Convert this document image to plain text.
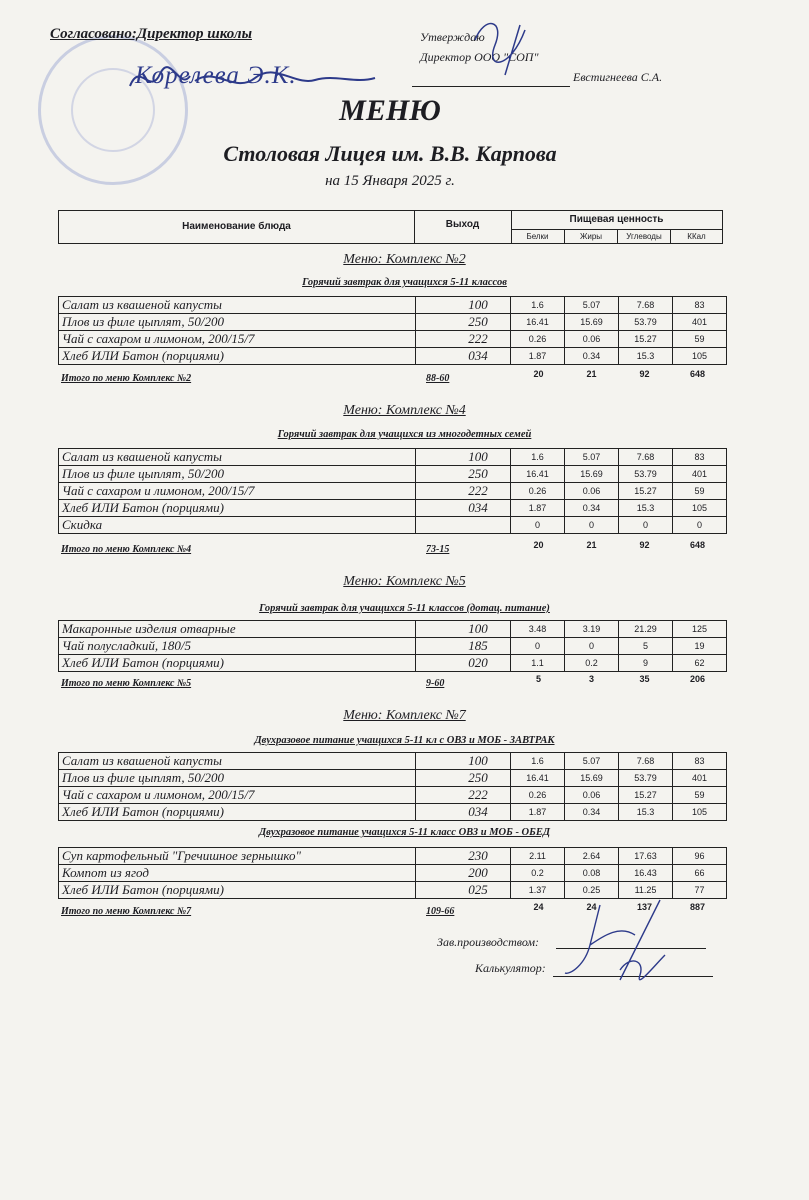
Согласовано:Директор школы
Корелева Э.К.
Утверждаю
Директор ООО "СОП"
Евстигнеева С.А.
МЕНЮ
Столовая Лицея им. В.В. Карпова
на 15 Января 2025 г.
Наименование блюда	Выход	Пищевая ценность
Белки	Жиры	Углеводы	ККал
Меню: Комплекс №2
Горячий завтрак для учащихся 5-11 классов
Салат из квашеной капусты	100	1.6	5.07	7.68	83
Плов из филе цыплят, 50/200	250	16.41	15.69	53.79	401
Чай с сахаром и лимоном, 200/15/7	222	0.26	0.06	15.27	59
Хлеб ИЛИ Батон (порциями)	034	1.87	0.34	15.3	105
Итого по меню Комплекс №2	88-60	20	21	92	648
Меню: Комплекс №4
Горячий завтрак для учащихся из многодетных семей
Салат из квашеной капусты	100	1.6	5.07	7.68	83
Плов из филе цыплят, 50/200	250	16.41	15.69	53.79	401
Чай с сахаром и лимоном, 200/15/7	222	0.26	0.06	15.27	59
Хлеб ИЛИ Батон (порциями)	034	1.87	0.34	15.3	105
Скидка		0	0	0	0
Итого по меню Комплекс №4	73-15	20	21	92	648
Меню: Комплекс №5
Горячий завтрак для учащихся 5-11 классов (дотац. питание)
Макаронные изделия отварные	100	3.48	3.19	21.29	125
Чай полусладкий, 180/5	185	0	0	5	19
Хлеб ИЛИ Батон (порциями)	020	1.1	0.2	9	62
Итого по меню Комплекс №5	9-60	5	3	35	206
Меню: Комплекс №7
Двухразовое питание учащихся 5-11 кл с ОВЗ и МОБ - ЗАВТРАК
Салат из квашеной капусты	100	1.6	5.07	7.68	83
Плов из филе цыплят, 50/200	250	16.41	15.69	53.79	401
Чай с сахаром и лимоном, 200/15/7	222	0.26	0.06	15.27	59
Хлеб ИЛИ Батон (порциями)	034	1.87	0.34	15.3	105
Двухразовое питание учащихся 5-11 класс ОВЗ и МОБ - ОБЕД
Суп картофельный "Гречишное зернышко"	230	2.11	2.64	17.63	96
Компот из ягод	200	0.2	0.08	16.43	66
Хлеб ИЛИ Батон (порциями)	025	1.37	0.25	11.25	77
Итого по меню Комплекс №7	109-66	24	24	137	887
Зав.производством:
Калькулятор:
